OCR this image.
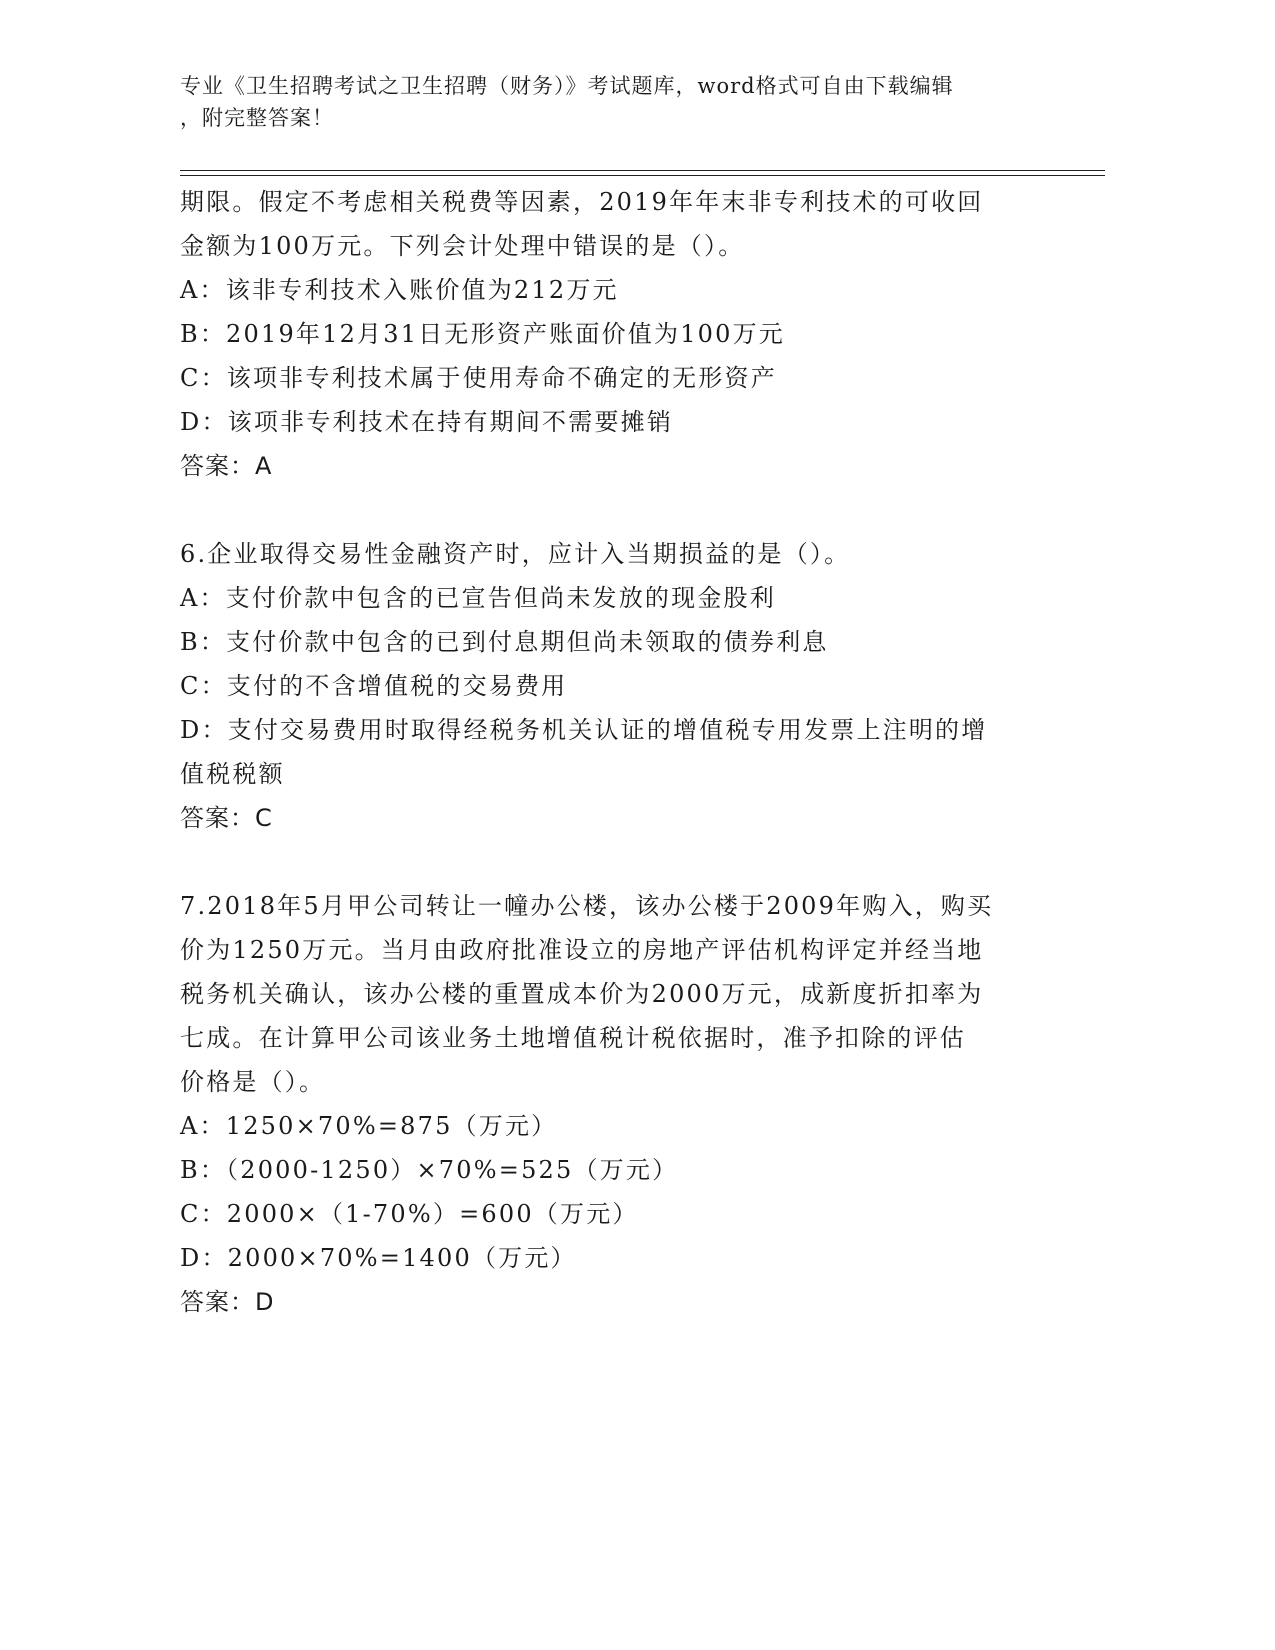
专业《卫生招聘考试之卫生招聘（财务）》考试题库，word格式可自由下载编辑
，附完整答案！
期限。假定不考虑相关税费等因素，2019年年末非专利技术的可收回
金额为100万元。下列会计处理中错误的是（）。
A：该非专利技术入账价值为212万元
B：2019年12月31日无形资产账面价值为100万元
C：该项非专利技术属于使用寿命不确定的无形资产
D：该项非专利技术在持有期间不需要摊销
答案：A
6.企业取得交易性金融资产时，应计入当期损益的是（）。
A：支付价款中包含的已宣告但尚未发放的现金股利
B：支付价款中包含的已到付息期但尚未领取的债券利息
C：支付的不含增值税的交易费用
D：支付交易费用时取得经税务机关认证的增值税专用发票上注明的增
值税税额
答案：C
7.2018年5月甲公司转让一幢办公楼，该办公楼于2009年购入，购买
价为1250万元。当月由政府批准设立的房地产评估机构评定并经当地
税务机关确认，该办公楼的重置成本价为2000万元，成新度折扣率为
七成。在计算甲公司该业务土地增值税计税依据时，准予扣除的评估
价格是（）。
A：1250×70%=875（万元）
B：（2000-1250）×70%=525（万元）
C：2000×（1-70%）=600（万元）
D：2000×70%=1400（万元）
答案：D
